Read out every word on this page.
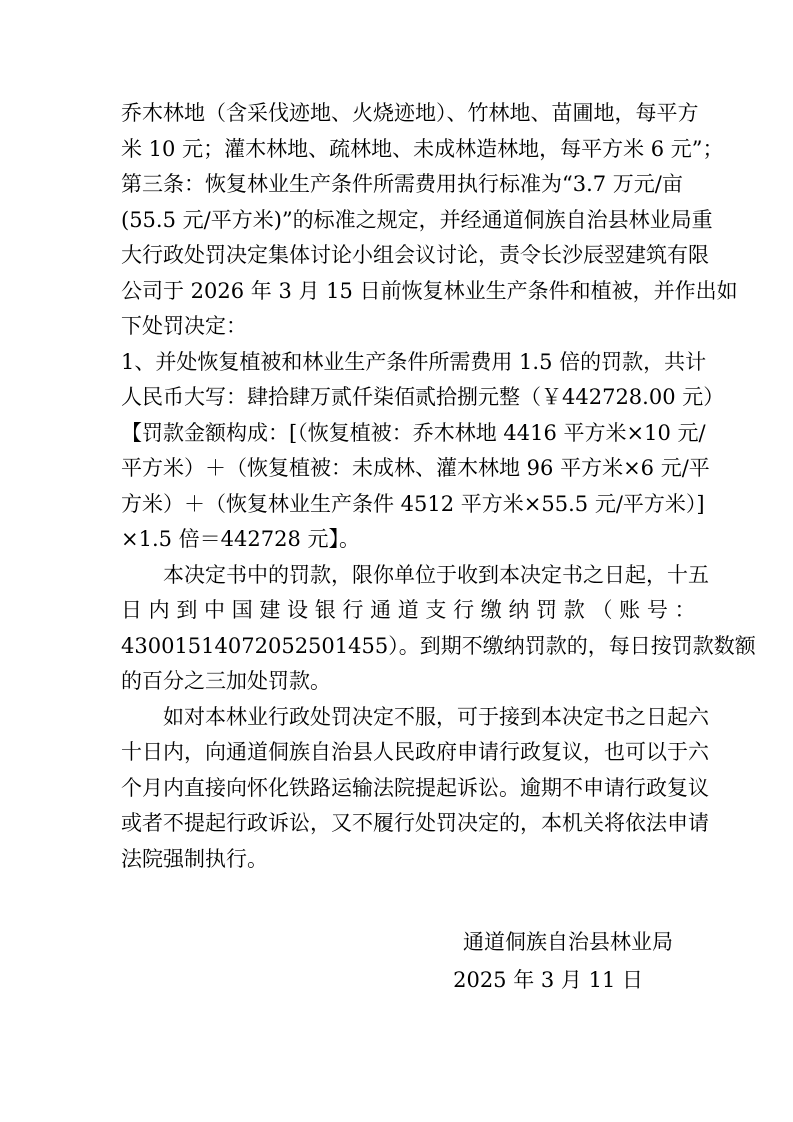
乔木林地（含采伐迹地、火烧迹地）、竹林地、苗圃地，每平方
米 10 元；灌木林地、疏林地、未成林造林地，每平方米 6 元”；
第三条：恢复林业生产条件所需费用执行标准为“3.7 万元/亩
(55.5 元/平方米)”的标准之规定，并经通道侗族自治县林业局重
大行政处罚决定集体讨论小组会议讨论，责令长沙辰翌建筑有限
公司于 2026 年 3 月 15 日前恢复林业生产条件和植被，并作出如
下处罚决定：
1、并处恢复植被和林业生产条件所需费用 1.5 倍的罚款，共计
人民币大写：肆拾肆万贰仟柒佰贰拾捌元整（￥442728.00 元）
【罚款金额构成：[（恢复植被：乔木林地 4416 平方米×10 元/
平方米）＋（恢复植被：未成林、灌木林地 96 平方米×6 元/平
方米）＋（恢复林业生产条件 4512 平方米×55.5 元/平方米）]
×1.5 倍＝442728 元】。
本决定书中的罚款，限你单位于收到本决定书之日起，十五
日 内 到 中 国 建 设 银 行 通 道 支 行 缴 纳 罚 款 （ 账 号 ：
43001514072052501455）。到期不缴纳罚款的，每日按罚款数额
的百分之三加处罚款。
如对本林业行政处罚决定不服，可于接到本决定书之日起六
十日内，向通道侗族自治县人民政府申请行政复议，也可以于六
个月内直接向怀化铁路运输法院提起诉讼。逾期不申请行政复议
或者不提起行政诉讼，又不履行处罚决定的，本机关将依法申请
法院强制执行。
通道侗族自治县林业局
2025 年 3 月 11 日
